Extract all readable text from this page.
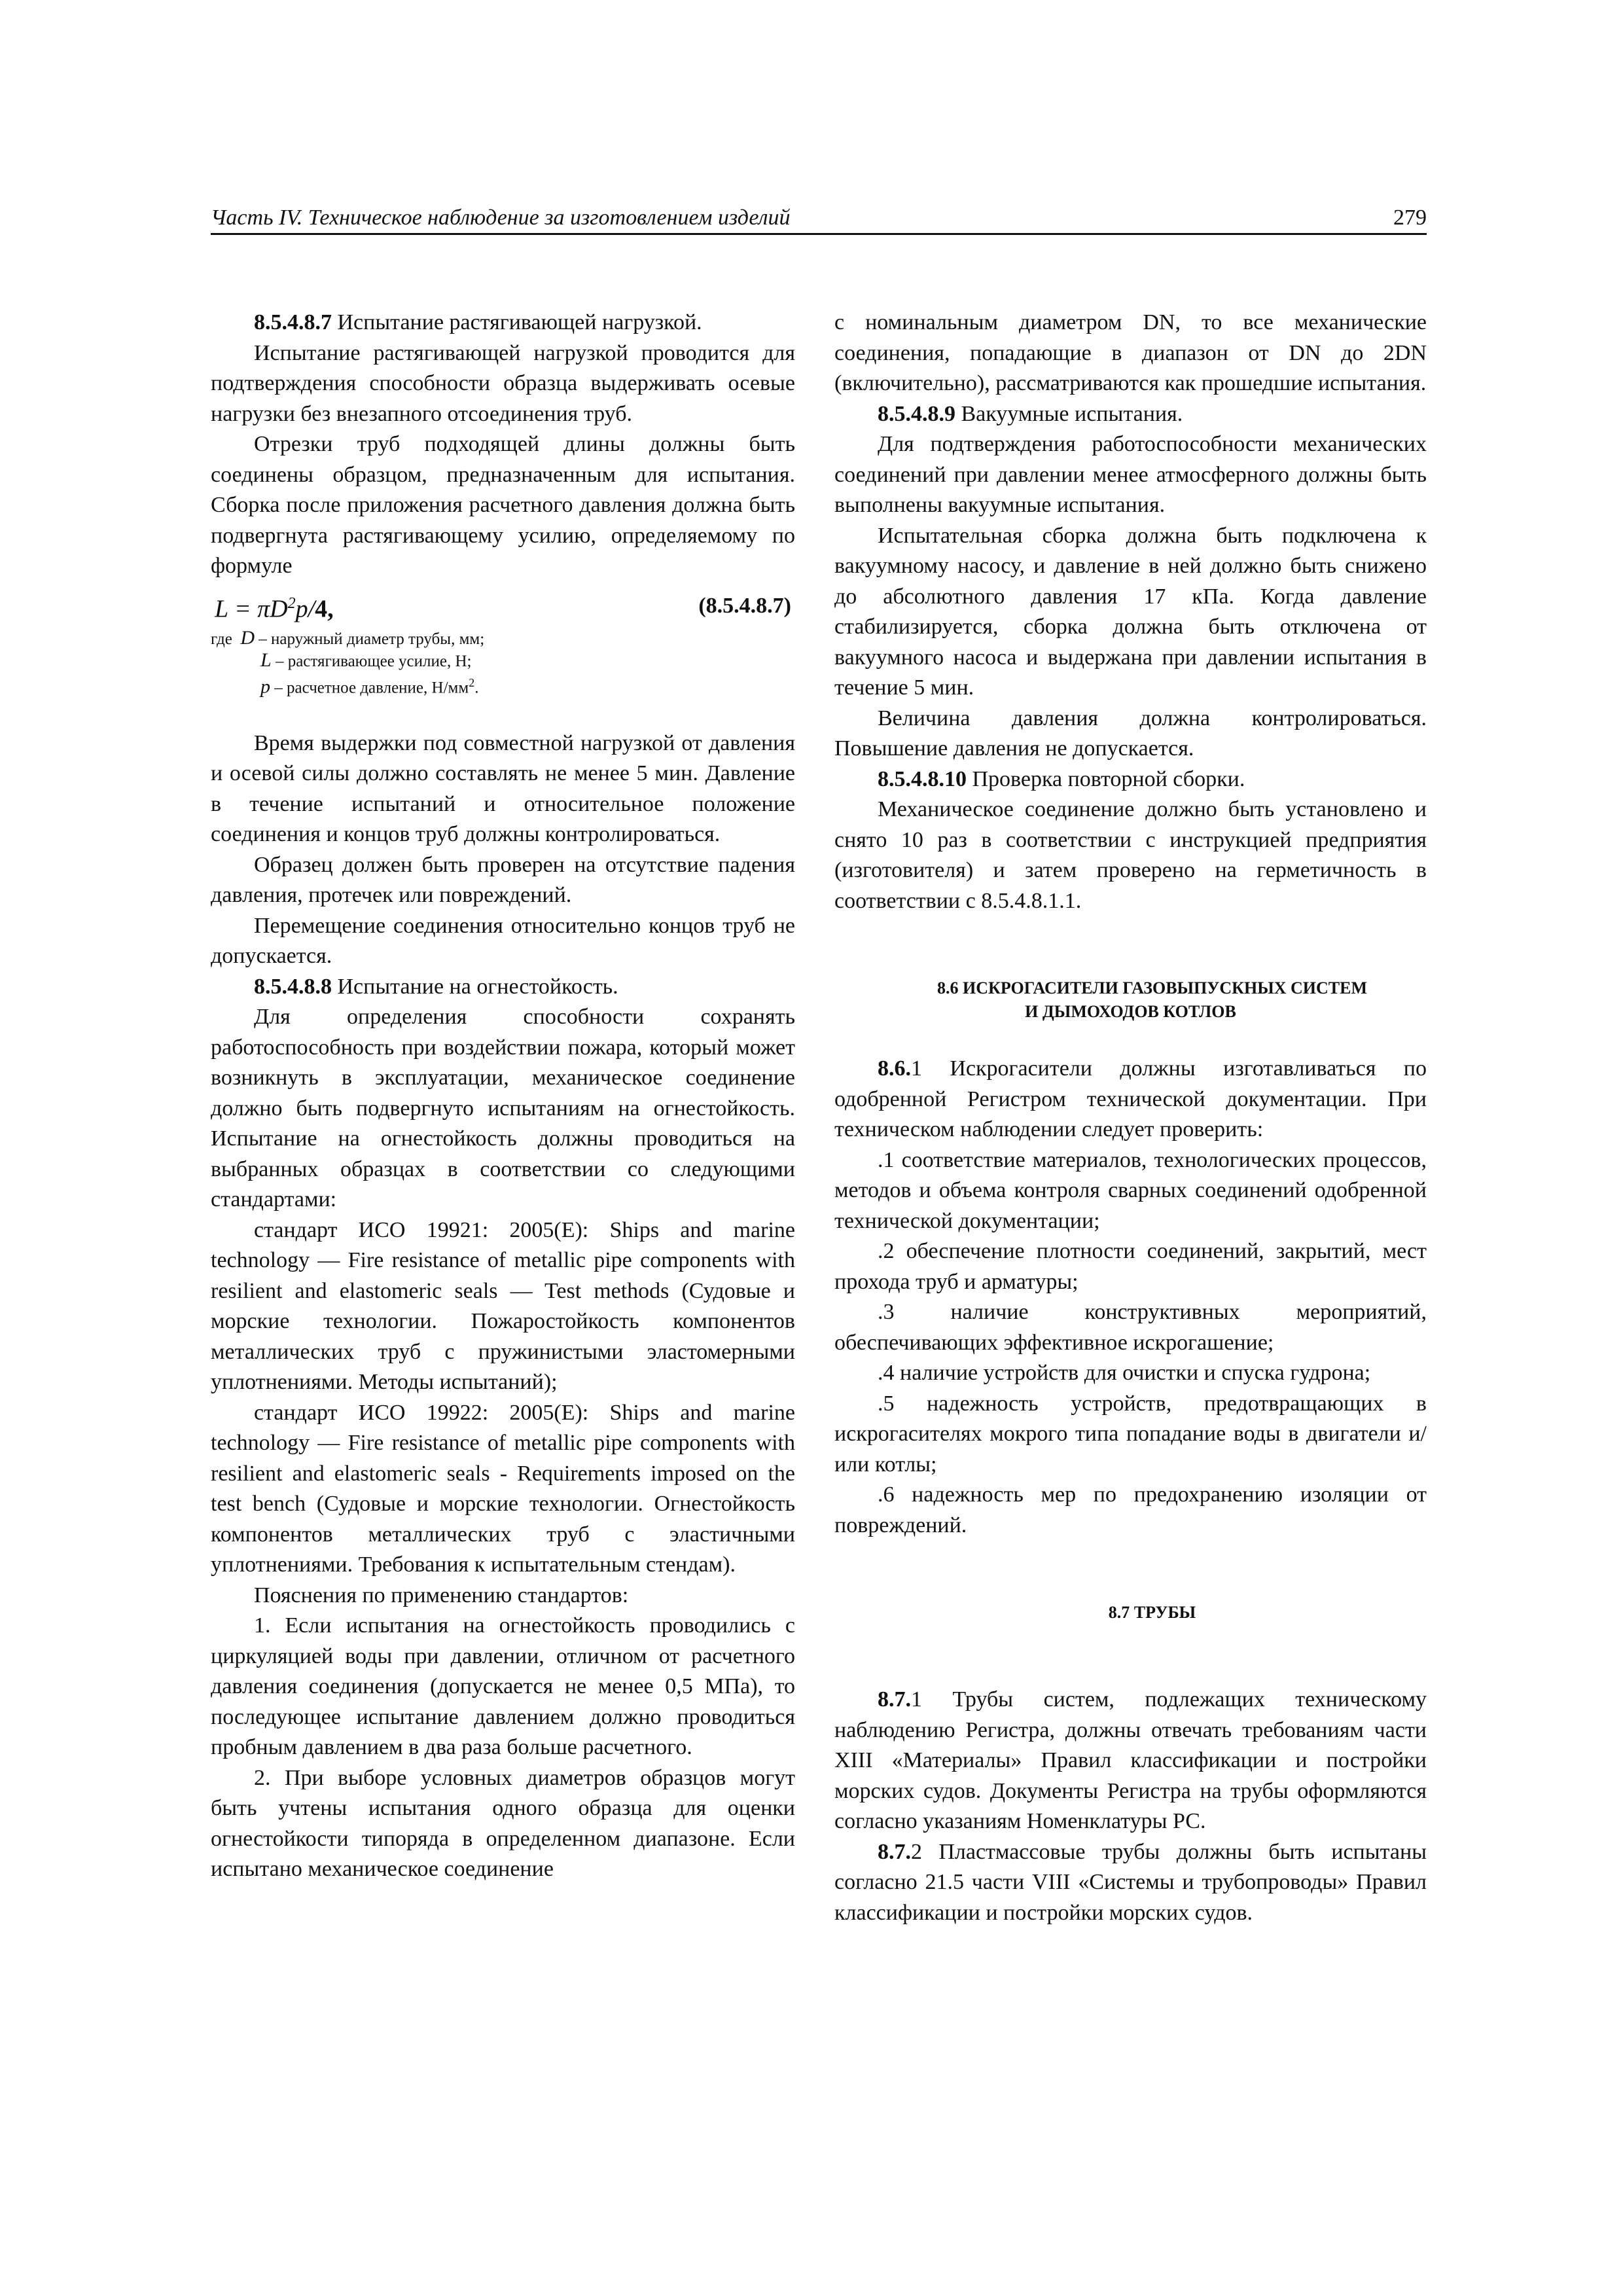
Часть IV. Техническое наблюдение за изготовлением изделий	279

8.5.4.8.7 Испытание растягивающей нагрузкой.

Испытание растягивающей нагрузкой проводится для подтверждения способности образца выдерживать осевые нагрузки без внезапного отсоединения труб.

Отрезки труб подходящей длины должны быть соединены образцом, предназначенным для испытания. Сборка после приложения расчетного давления должна быть подвергнута растягивающему усилию, определяемому по формуле

$L = \pi D^2p/4$,	(8.5.4.8.7)
где D – наружный диаметр трубы, мм;
L – растягивающее усилие, Н;
p – расчетное давление, $Н/мм^2$.

Время выдержки под совместной нагрузкой от давления и осевой силы должно составлять не менее 5 мин. Давление в течение испытаний и относительное положение соединения и концов труб должны контролироваться.

Образец должен быть проверен на отсутствие падения давления, протечек или повреждений.

Перемещение соединения относительно концов труб не допускается.

8.5.4.8.8 Испытание на огнестойкость.

Для определения способности сохранять работоспособность при воздействии пожара, который может возникнуть в эксплуатации, механическое соединение должно быть подвергнуто испытаниям на огнестойкость. Испытание на огнестойкость должны проводиться на выбранных образцах в соответствии со следующими стандартами:

стандарт ИСО 19921: 2005(E): Ships and marine technology — Fire resistance of metallic pipe components with resilient and elastomeric seals — Test methods (Судовые и морские технологии. Пожаростойкость компонентов металлических труб с пружинистыми эластомерными уплотнениями. Методы испытаний);

стандарт ИСО 19922: 2005(E): Ships and marine technology — Fire resistance of metallic pipe components with resilient and elastomeric seals - Requirements imposed on the test bench (Судовые и морские технологии. Огнестойкость компонентов металлических труб с эластичными уплотнениями. Требования к испытательным стендам).

Пояснения по применению стандартов:

1. Если испытания на огнестойкость проводились с циркуляцией воды при давлении, отличном от расчетного давления соединения (допускается не менее 0,5 МПа), то последующее испытание давлением должно проводиться пробным давлением в два раза больше расчетного.

2. При выборе условных диаметров образцов могут быть учтены испытания одного образца для оценки огнестойкости типоряда в определенном диапазоне. Если испытано механическое соединение

с номинальным диаметром DN, то все механические соединения, попадающие в диапазон от DN до 2DN (включительно), рассматриваются как прошедшие испытания.

8.5.4.8.9 Вакуумные испытания.

Для подтверждения работоспособности механических соединений при давлении менее атмосферного должны быть выполнены вакуумные испытания.

Испытательная сборка должна быть подключена к вакуумному насосу, и давление в ней должно быть снижено до абсолютного давления 17 кПа. Когда давление стабилизируется, сборка должна быть отключена от вакуумного насоса и выдержана при давлении испытания в течение 5 мин.

Величина давления должна контролироваться. Повышение давления не допускается.

8.5.4.8.10 Проверка повторной сборки.

Механическое соединение должно быть установлено и снято 10 раз в соответствии с инструкцией предприятия (изготовителя) и затем проверено на герметичность в соответствии с 8.5.4.8.1.1.

8.6 ИСКРОГАСИТЕЛИ ГАЗОВЫПУСКНЫХ СИСТЕМ
И ДЫМОХОДОВ КОТЛОВ

8.6.1 Искрогасители должны изготавливаться по одобренной Регистром технической документации. При техническом наблюдении следует проверить:

.1 соответствие материалов, технологических процессов, методов и объема контроля сварных соединений одобренной технической документации;

.2 обеспечение плотности соединений, закрытий, мест прохода труб и арматуры;

.3 наличие конструктивных мероприятий, обеспечивающих эффективное искрогашение;

.4 наличие устройств для очистки и спуска гудрона;

.5 надежность устройств, предотвращающих в искрогасителях мокрого типа попадание воды в двигатели и/или котлы;

.6 надежность мер по предохранению изоляции от повреждений.

8.7 ТРУБЫ

8.7.1 Трубы систем, подлежащих техническому наблюдению Регистра, должны отвечать требованиям части XIII «Материалы» Правил классификации и постройки морских судов. Документы Регистра на трубы оформляются согласно указаниям Номенклатуры РС.

8.7.2 Пластмассовые трубы должны быть испытаны согласно 21.5 части VIII «Системы и трубопроводы» Правил классификации и постройки морских судов.
